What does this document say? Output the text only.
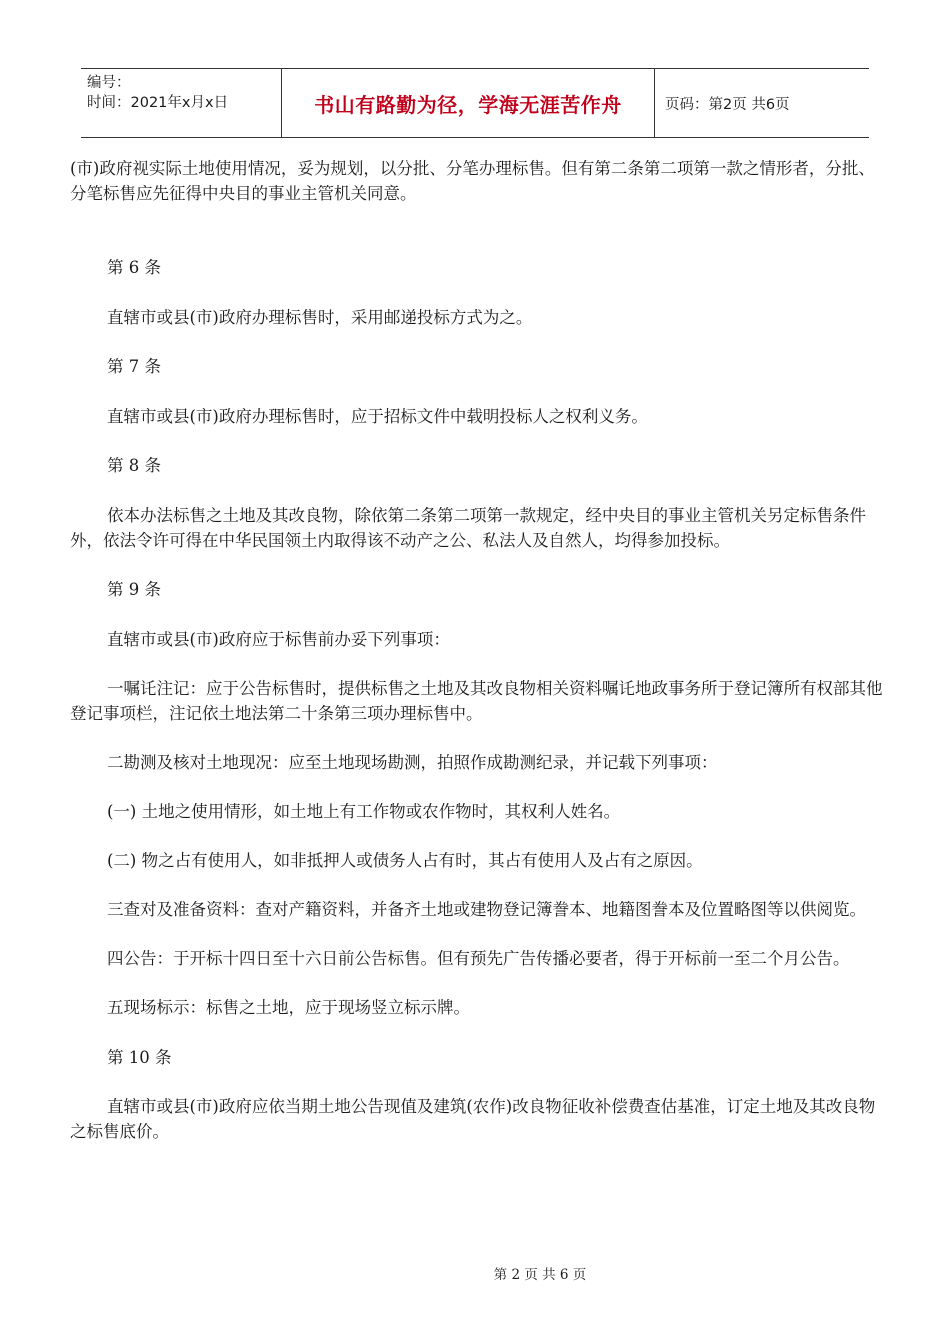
编号：
时间：2021年x月x日	书山有路勤为径，学海无涯苦作舟	页码：第2页 共6页

(市)政府视实际土地使用情况，妥为规划，以分批、分笔办理标售。但有第二条第二项第一款之情形者，分批、分笔标售应先征得中央目的事业主管机关同意。

第 6 条

直辖市或县(市)政府办理标售时，采用邮递投标方式为之。

第 7 条

直辖市或县(市)政府办理标售时，应于招标文件中载明投标人之权利义务。

第 8 条

依本办法标售之土地及其改良物，除依第二条第二项第一款规定，经中央目的事业主管机关另定标售条件外，依法令许可得在中华民国领土内取得该不动产之公、私法人及自然人，均得参加投标。

第 9 条

直辖市或县(市)政府应于标售前办妥下列事项：

一嘱讬注记：应于公告标售时，提供标售之土地及其改良物相关资料嘱讬地政事务所于登记簿所有权部其他登记事项栏，注记依土地法第二十条第三项办理标售中。

二勘测及核对土地现况：应至土地现场勘测，拍照作成勘测纪录，并记载下列事项：

(一) 土地之使用情形，如土地上有工作物或农作物时，其权利人姓名。

(二) 物之占有使用人，如非抵押人或债务人占有时，其占有使用人及占有之原因。

三查对及准备资料：查对产籍资料，并备齐土地或建物登记簿誊本、地籍图誊本及位置略图等以供阅览。

四公告：于开标十四日至十六日前公告标售。但有预先广告传播必要者，得于开标前一至二个月公告。

五现场标示：标售之土地，应于现场竖立标示牌。

第 10 条

直辖市或县(市)政府应依当期土地公告现值及建筑(农作)改良物征收补偿费查估基准，订定土地及其改良物之标售底价。

第 2 页 共 6 页
